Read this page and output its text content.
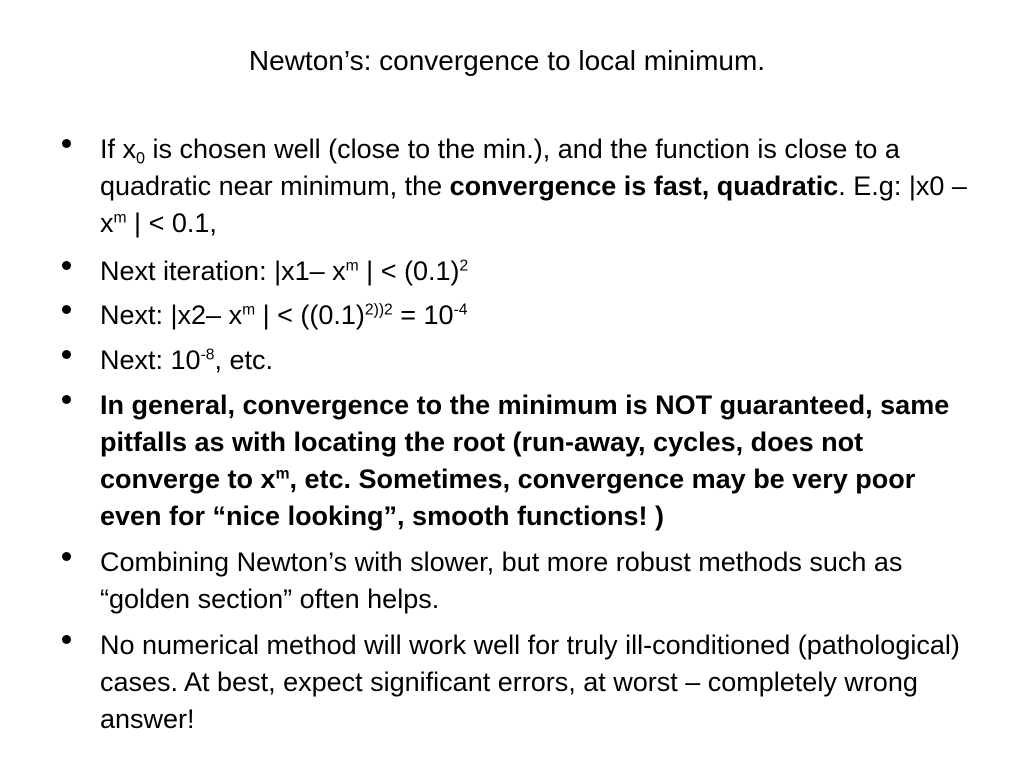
Newton’s: convergence to local minimum.
If $x_0$ is chosen well (close to the min.), and the function is close to a quadratic near minimum, the convergence is fast, quadratic. E.g: $|x0 - x^m$ | < 0.1,
Next iteration: |x1– $x^m$ | < $(0.1)^2$
Next: |x2– $x^m$ | < ($(0.1)^{2))2} = 10^{-4}$
Next: $10^{-8}$, etc.
In general, convergence to the minimum is NOT guaranteed, same pitfalls as with locating the root (run-away, cycles, does not converge to $x^m$, etc. Sometimes, convergence may be very poor even for “nice looking”, smooth functions! )
Combining Newton’s with slower, but more robust methods such as “golden section” often helps.
No numerical method will work well for truly ill-conditioned (pathological) cases. At best, expect significant errors, at worst – completely wrong answer!
